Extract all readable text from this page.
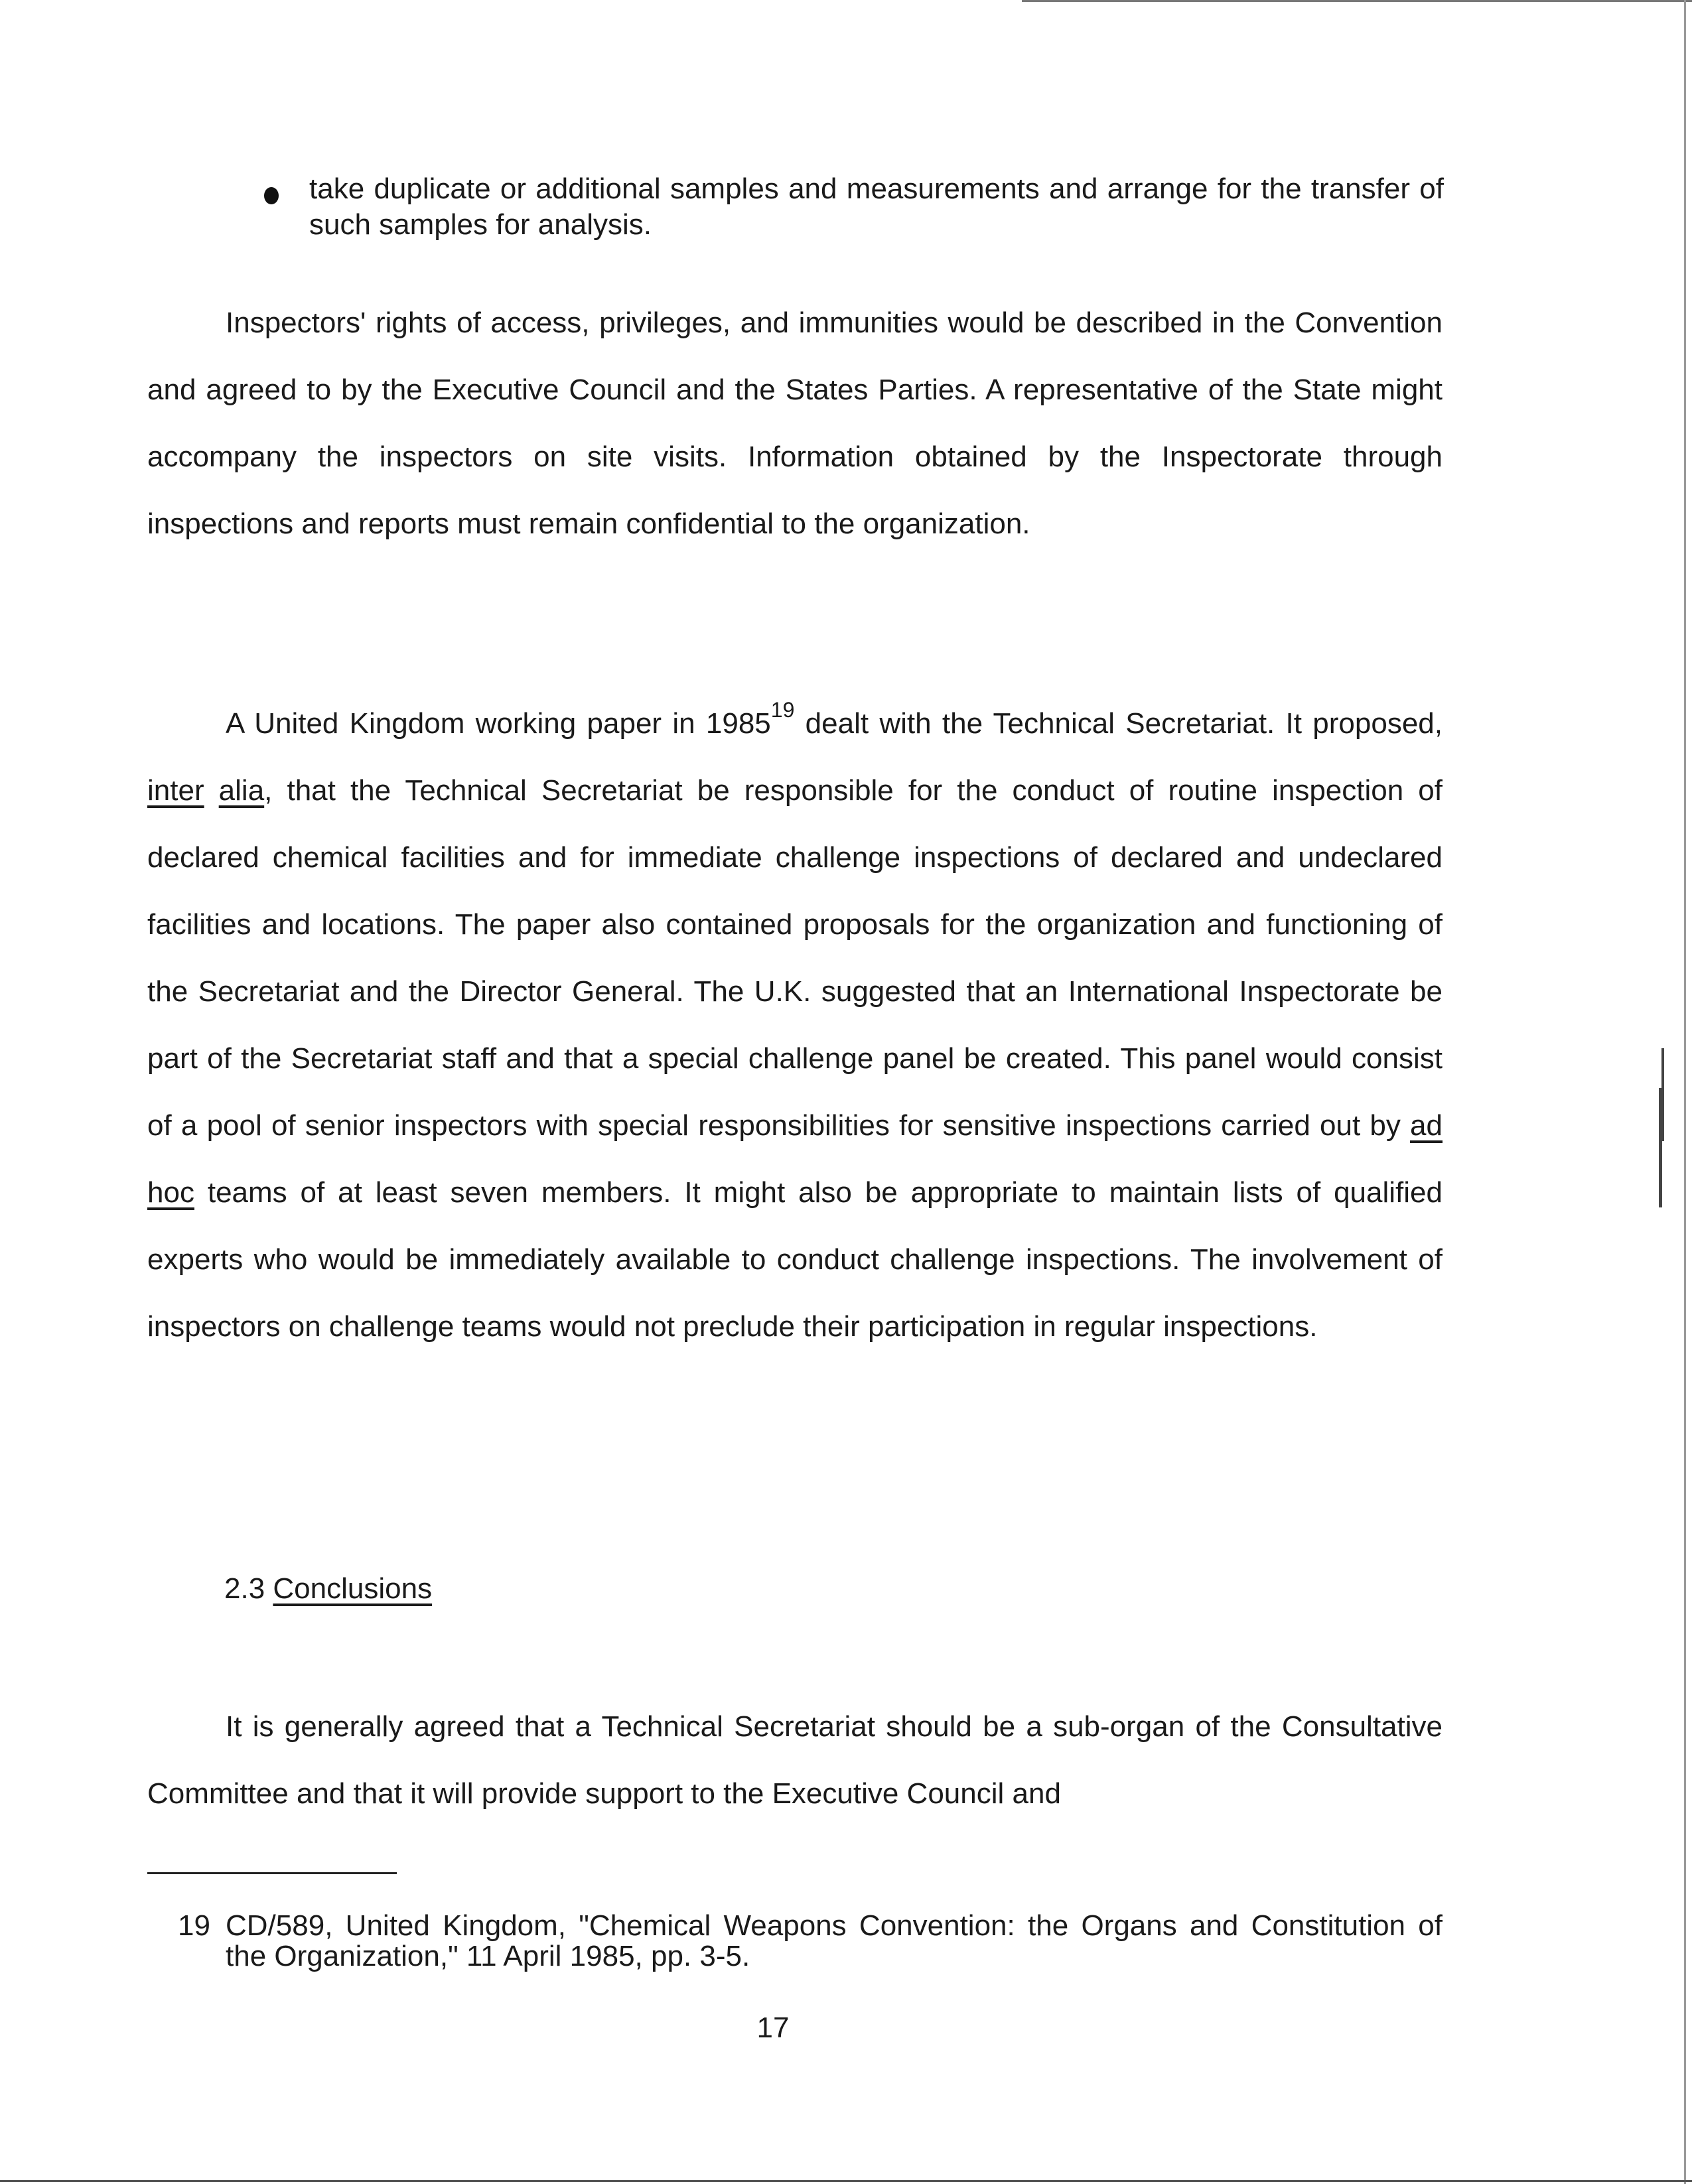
take duplicate or additional samples and measurements and arrange for the transfer of such samples for analysis.
Inspectors' rights of access, privileges, and immunities would be described in the Convention and agreed to by the Executive Council and the States Parties. A representative of the State might accompany the inspectors on site visits. Information obtained by the Inspectorate through inspections and reports must remain confidential to the organization.
A United Kingdom working paper in 1985$^{19}$ dealt with the Technical Secretariat. It proposed, inter alia, that the Technical Secretariat be responsible for the conduct of routine inspection of declared chemical facilities and for immediate challenge inspections of declared and undeclared facilities and locations. The paper also contained proposals for the organization and functioning of the Secretariat and the Director General. The U.K. suggested that an International Inspectorate be part of the Secretariat staff and that a special challenge panel be created. This panel would consist of a pool of senior inspectors with special responsibilities for sensitive inspections carried out by ad hoc teams of at least seven members. It might also be appropriate to maintain lists of qualified experts who would be immediately available to conduct challenge inspections. The involvement of inspectors on challenge teams would not preclude their participation in regular inspections.
2.3 Conclusions
It is generally agreed that a Technical Secretariat should be a sub-organ of the Consultative Committee and that it will provide support to the Executive Council and
19 CD/589, United Kingdom, "Chemical Weapons Convention: the Organs and Constitution of the Organization," 11 April 1985, pp. 3-5.
17
